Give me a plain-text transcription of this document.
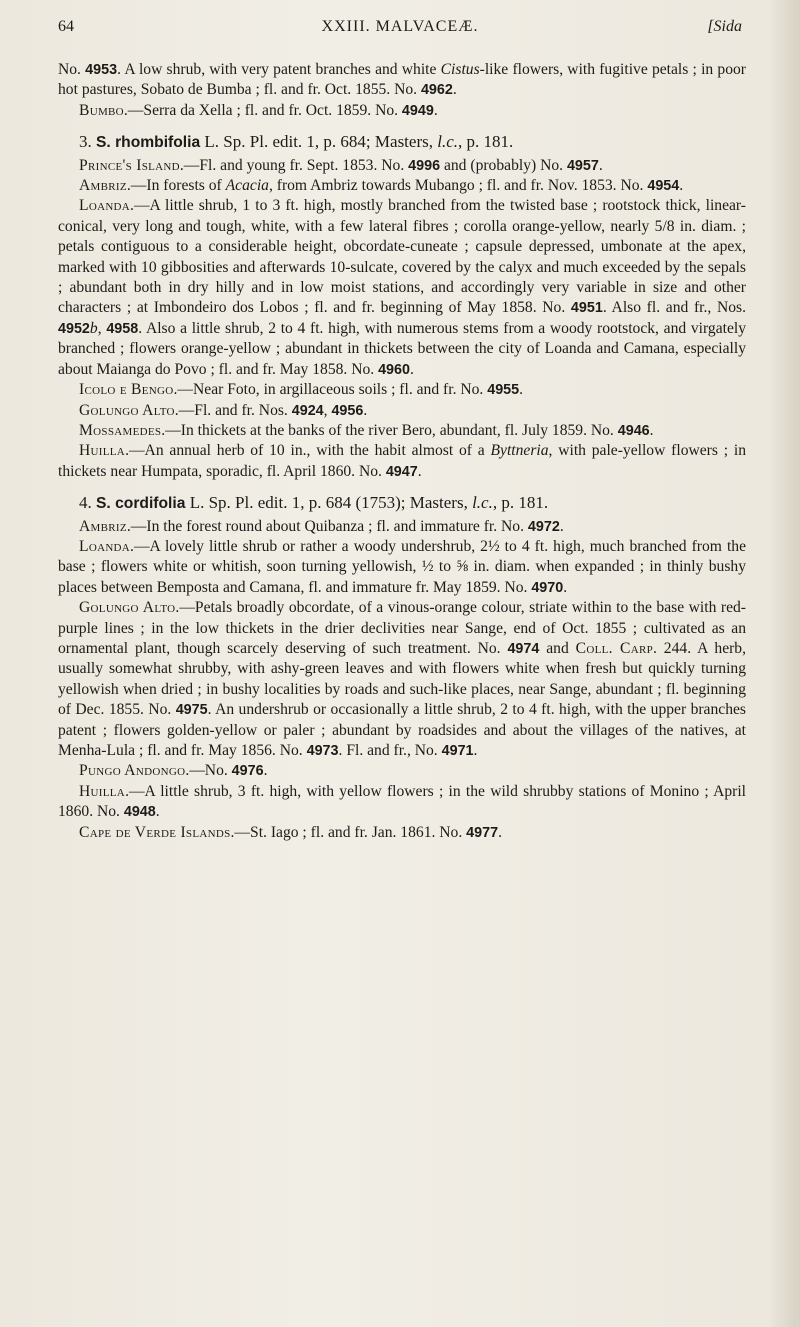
64	XXIII. MALVACEÆ.	[Sida

No. 4953. A low shrub, with very patent branches and white Cistus-like flowers, with fugitive petals ; in poor hot pastures, Sobato de Bumba ; fl. and fr. Oct. 1855. No. 4962.

Bumbo.—Serra da Xella ; fl. and fr. Oct. 1859. No. 4949.

3. S. rhombifolia L. Sp. Pl. edit. 1, p. 684; Masters, l.c., p. 181.

Prince's Island.—Fl. and young fr. Sept. 1853. No. 4996 and (probably) No. 4957.

Ambriz.—In forests of Acacia, from Ambriz towards Mubango ; fl. and fr. Nov. 1853. No. 4954.

Loanda.—A little shrub, 1 to 3 ft. high, mostly branched from the twisted base ; rootstock thick, linear-conical, very long and tough, white, with a few lateral fibres ; corolla orange-yellow, nearly 5/8 in. diam. ; petals contiguous to a considerable height, obcordate-cuneate ; capsule depressed, umbonate at the apex, marked with 10 gibbosities and afterwards 10-sulcate, covered by the calyx and much exceeded by the sepals ; abundant both in dry hilly and in low moist stations, and accordingly very variable in size and other characters ; at Imbondeiro dos Lobos ; fl. and fr. beginning of May 1858. No. 4951. Also fl. and fr., Nos. 4952b, 4958. Also a little shrub, 2 to 4 ft. high, with numerous stems from a woody rootstock, and virgately branched ; flowers orange-yellow ; abundant in thickets between the city of Loanda and Camana, especially about Maianga do Povo ; fl. and fr. May 1858. No. 4960.

Icolo e Bengo.—Near Foto, in argillaceous soils ; fl. and fr. No. 4955.

Golungo Alto.—Fl. and fr. Nos. 4924, 4956.

Mossamedes.—In thickets at the banks of the river Bero, abundant, fl. July 1859. No. 4946.

Huilla.—An annual herb of 10 in., with the habit almost of a Byttneria, with pale-yellow flowers ; in thickets near Humpata, sporadic, fl. April 1860. No. 4947.

4. S. cordifolia L. Sp. Pl. edit. 1, p. 684 (1753); Masters, l.c., p. 181.

Ambriz.—In the forest round about Quibanza ; fl. and immature fr. No. 4972.

Loanda.—A lovely little shrub or rather a woody undershrub, 2½ to 4 ft. high, much branched from the base ; flowers white or whitish, soon turning yellowish, ½ to ⅝ in. diam. when expanded ; in thinly bushy places between Bemposta and Camana, fl. and immature fr. May 1859. No. 4970.

Golungo Alto.—Petals broadly obcordate, of a vinous-orange colour, striate within to the base with red-purple lines ; in the low thickets in the drier declivities near Sange, end of Oct. 1855 ; cultivated as an ornamental plant, though scarcely deserving of such treatment. No. 4974 and Coll. Carp. 244. A herb, usually somewhat shrubby, with ashy-green leaves and with flowers white when fresh but quickly turning yellowish when dried ; in bushy localities by roads and such-like places, near Sange, abundant ; fl. beginning of Dec. 1855. No. 4975. An undershrub or occasionally a little shrub, 2 to 4 ft. high, with the upper branches patent ; flowers golden-yellow or paler ; abundant by roadsides and about the villages of the natives, at Menha-Lula ; fl. and fr. May 1856. No. 4973. Fl. and fr., No. 4971.

Pungo Andongo.—No. 4976.

Huilla.—A little shrub, 3 ft. high, with yellow flowers ; in the wild shrubby stations of Monino ; April 1860. No. 4948.

Cape de Verde Islands.—St. Iago ; fl. and fr. Jan. 1861. No. 4977.
